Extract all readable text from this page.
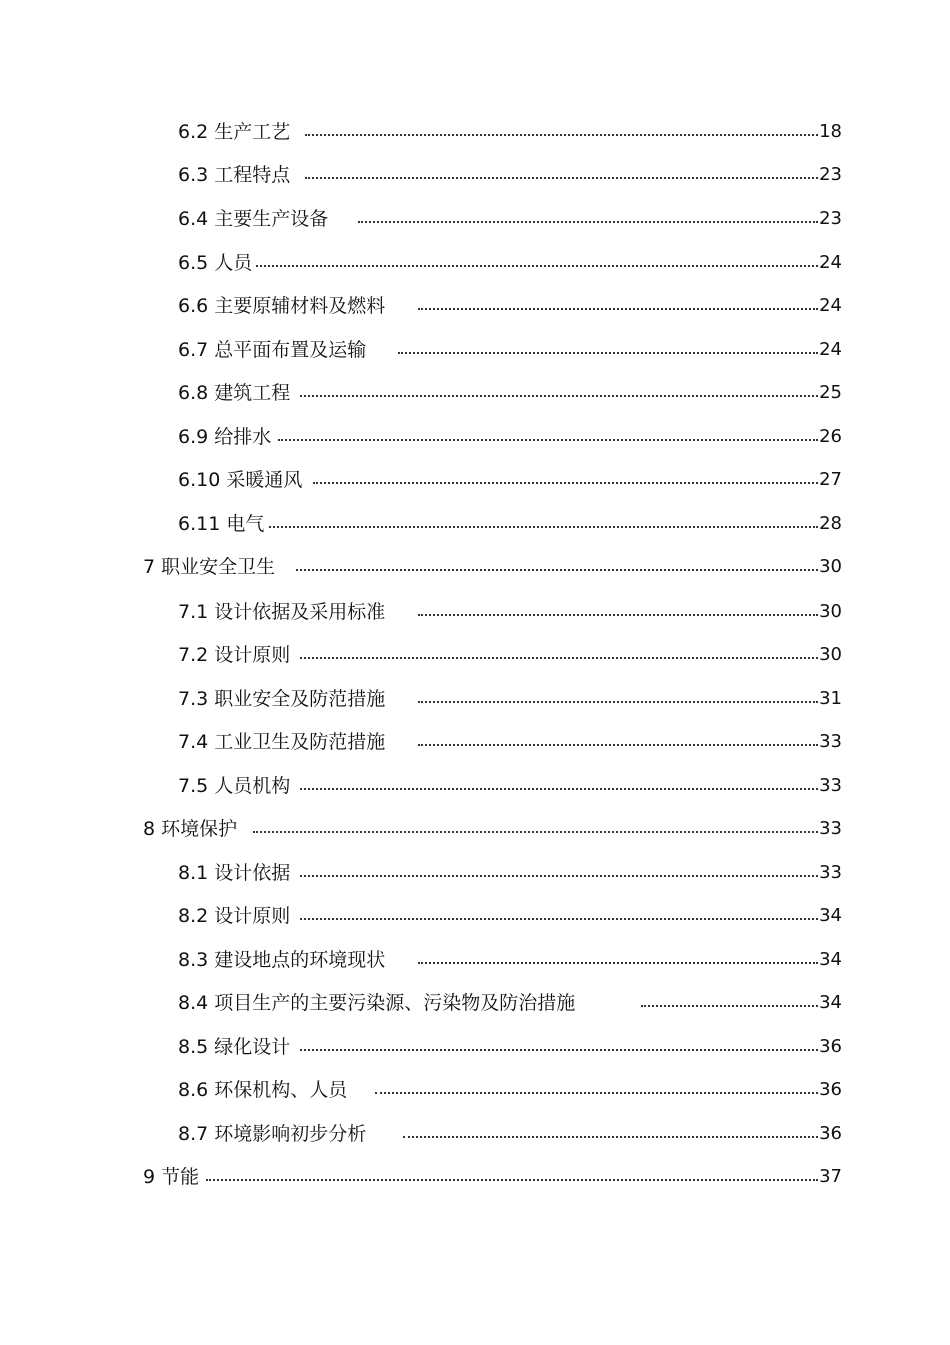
6.2 生产工艺	18
6.3 工程特点	23
6.4 主要生产设备	23
6.5 人员	24
6.6 主要原辅材料及燃料	24
6.7 总平面布置及运输	24
6.8 建筑工程	25
6.9 给排水	26
6.10 采暖通风	27
6.11 电气	28
7 职业安全卫生	30
7.1 设计依据及采用标准	30
7.2 设计原则	30
7.3 职业安全及防范措施	31
7.4 工业卫生及防范措施	33
7.5 人员机构	33
8 环境保护	33
8.1 设计依据	33
8.2 设计原则	34
8.3 建设地点的环境现状	34
8.4 项目生产的主要污染源、污染物及防治措施	34
8.5 绿化设计	36
8.6 环保机构、人员	36
8.7 环境影响初步分析	36
9 节能	37
